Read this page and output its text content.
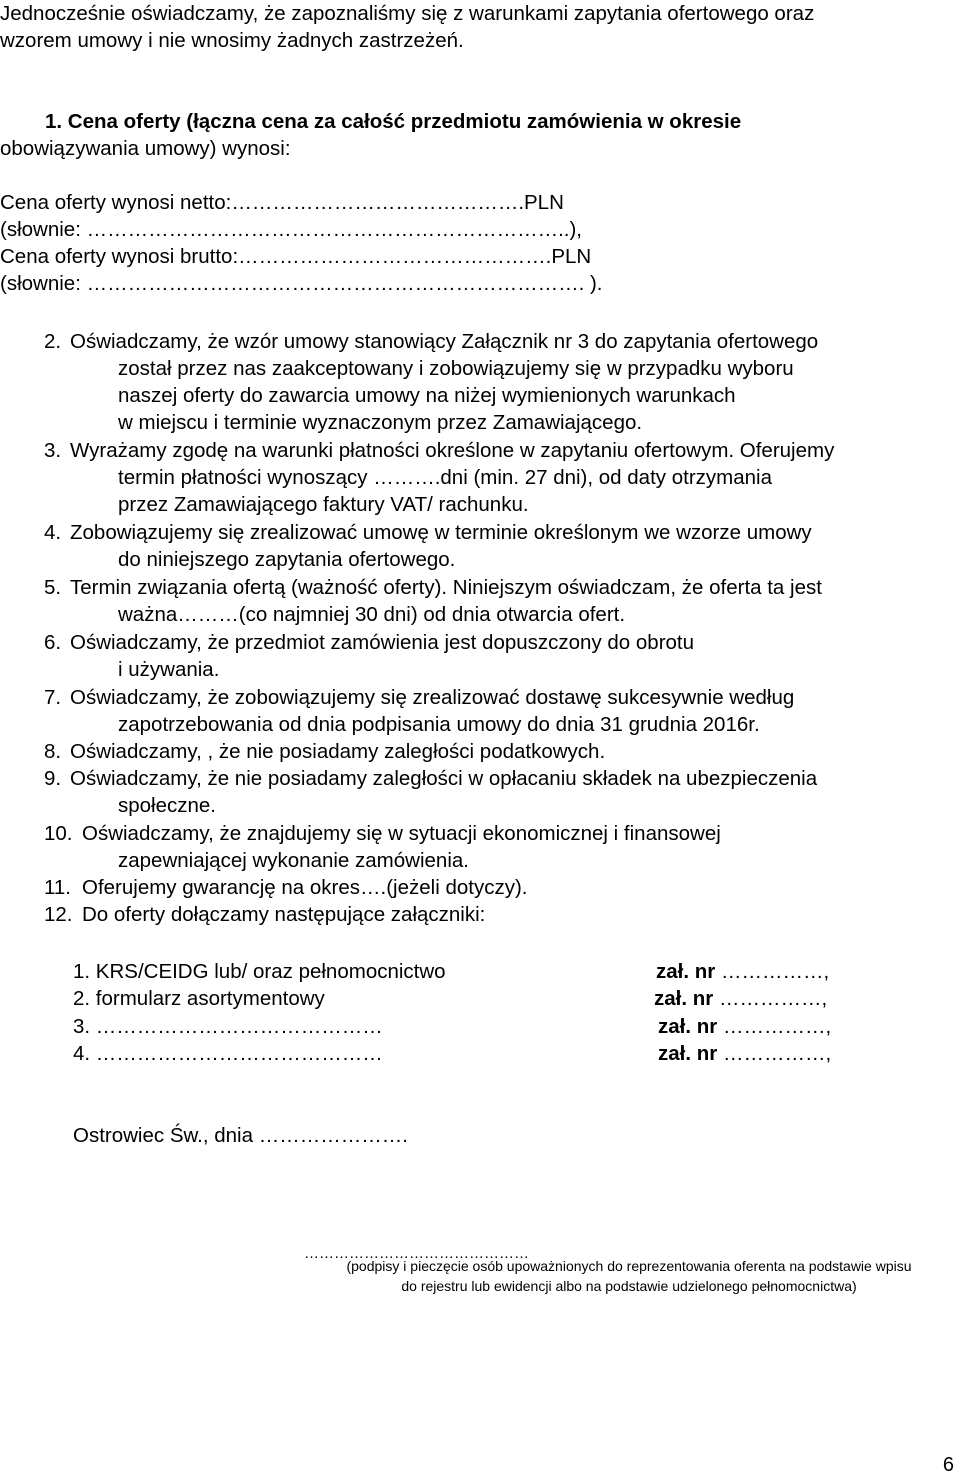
Jednocześnie oświadczamy, że zapoznaliśmy się z warunkami zapytania ofertowego oraz
wzorem umowy i nie wnosimy żadnych zastrzeżeń.
1. Cena oferty (łączna cena za całość przedmiotu zamówienia w okresie
obowiązywania umowy) wynosi:
Cena oferty wynosi netto:…………………………………….PLN
(słownie: ……………………………………………………………..),
Cena oferty wynosi brutto:……………………………………….PLN
(słownie: ………………………………………………………………. ).
2. Oświadczamy, że wzór umowy stanowiący Załącznik nr 3 do zapytania ofertowego
został przez nas zaakceptowany i zobowiązujemy się w przypadku wyboru
naszej oferty do zawarcia umowy na niżej wymienionych warunkach
w miejscu i terminie wyznaczonym przez Zamawiającego.
3. Wyrażamy zgodę na warunki płatności określone w zapytaniu ofertowym. Oferujemy
termin płatności wynoszący ……….dni (min. 27 dni), od daty otrzymania
przez Zamawiającego faktury VAT/ rachunku.
4. Zobowiązujemy się zrealizować umowę w terminie określonym we wzorze umowy
do niniejszego zapytania ofertowego.
5. Termin związania ofertą (ważność oferty). Niniejszym oświadczam, że oferta ta jest
ważna………(co najmniej 30 dni) od dnia otwarcia ofert.
6. Oświadczamy, że przedmiot zamówienia jest dopuszczony do obrotu
i używania.
7. Oświadczamy, że zobowiązujemy się zrealizować dostawę sukcesywnie według
zapotrzebowania od dnia podpisania umowy do dnia 31 grudnia 2016r.
8. Oświadczamy, , że nie posiadamy zaległości podatkowych.
9. Oświadczamy, że nie posiadamy zaległości w opłacaniu składek na ubezpieczenia
społeczne.
10. Oświadczamy, że znajdujemy się w sytuacji ekonomicznej i finansowej
zapewniającej wykonanie zamówienia.
11. Oferujemy gwarancję na okres….(jeżeli dotyczy).
12. Do oferty dołączamy następujące załączniki:
1. KRS/CEIDG lub/ oraz pełnomocnictwo	zał. nr ……………,
2. formularz asortymentowy	zał. nr ……………,
3. ……………………………………	zał. nr ……………,
4. ……………………………………	zał. nr ……………,
Ostrowiec Św., dnia ………………….
………………………………………
(podpisy i pieczęcie osób upoważnionych do reprezentowania oferenta na podstawie wpisu
do rejestru lub ewidencji albo na podstawie udzielonego pełnomocnictwa)
6
